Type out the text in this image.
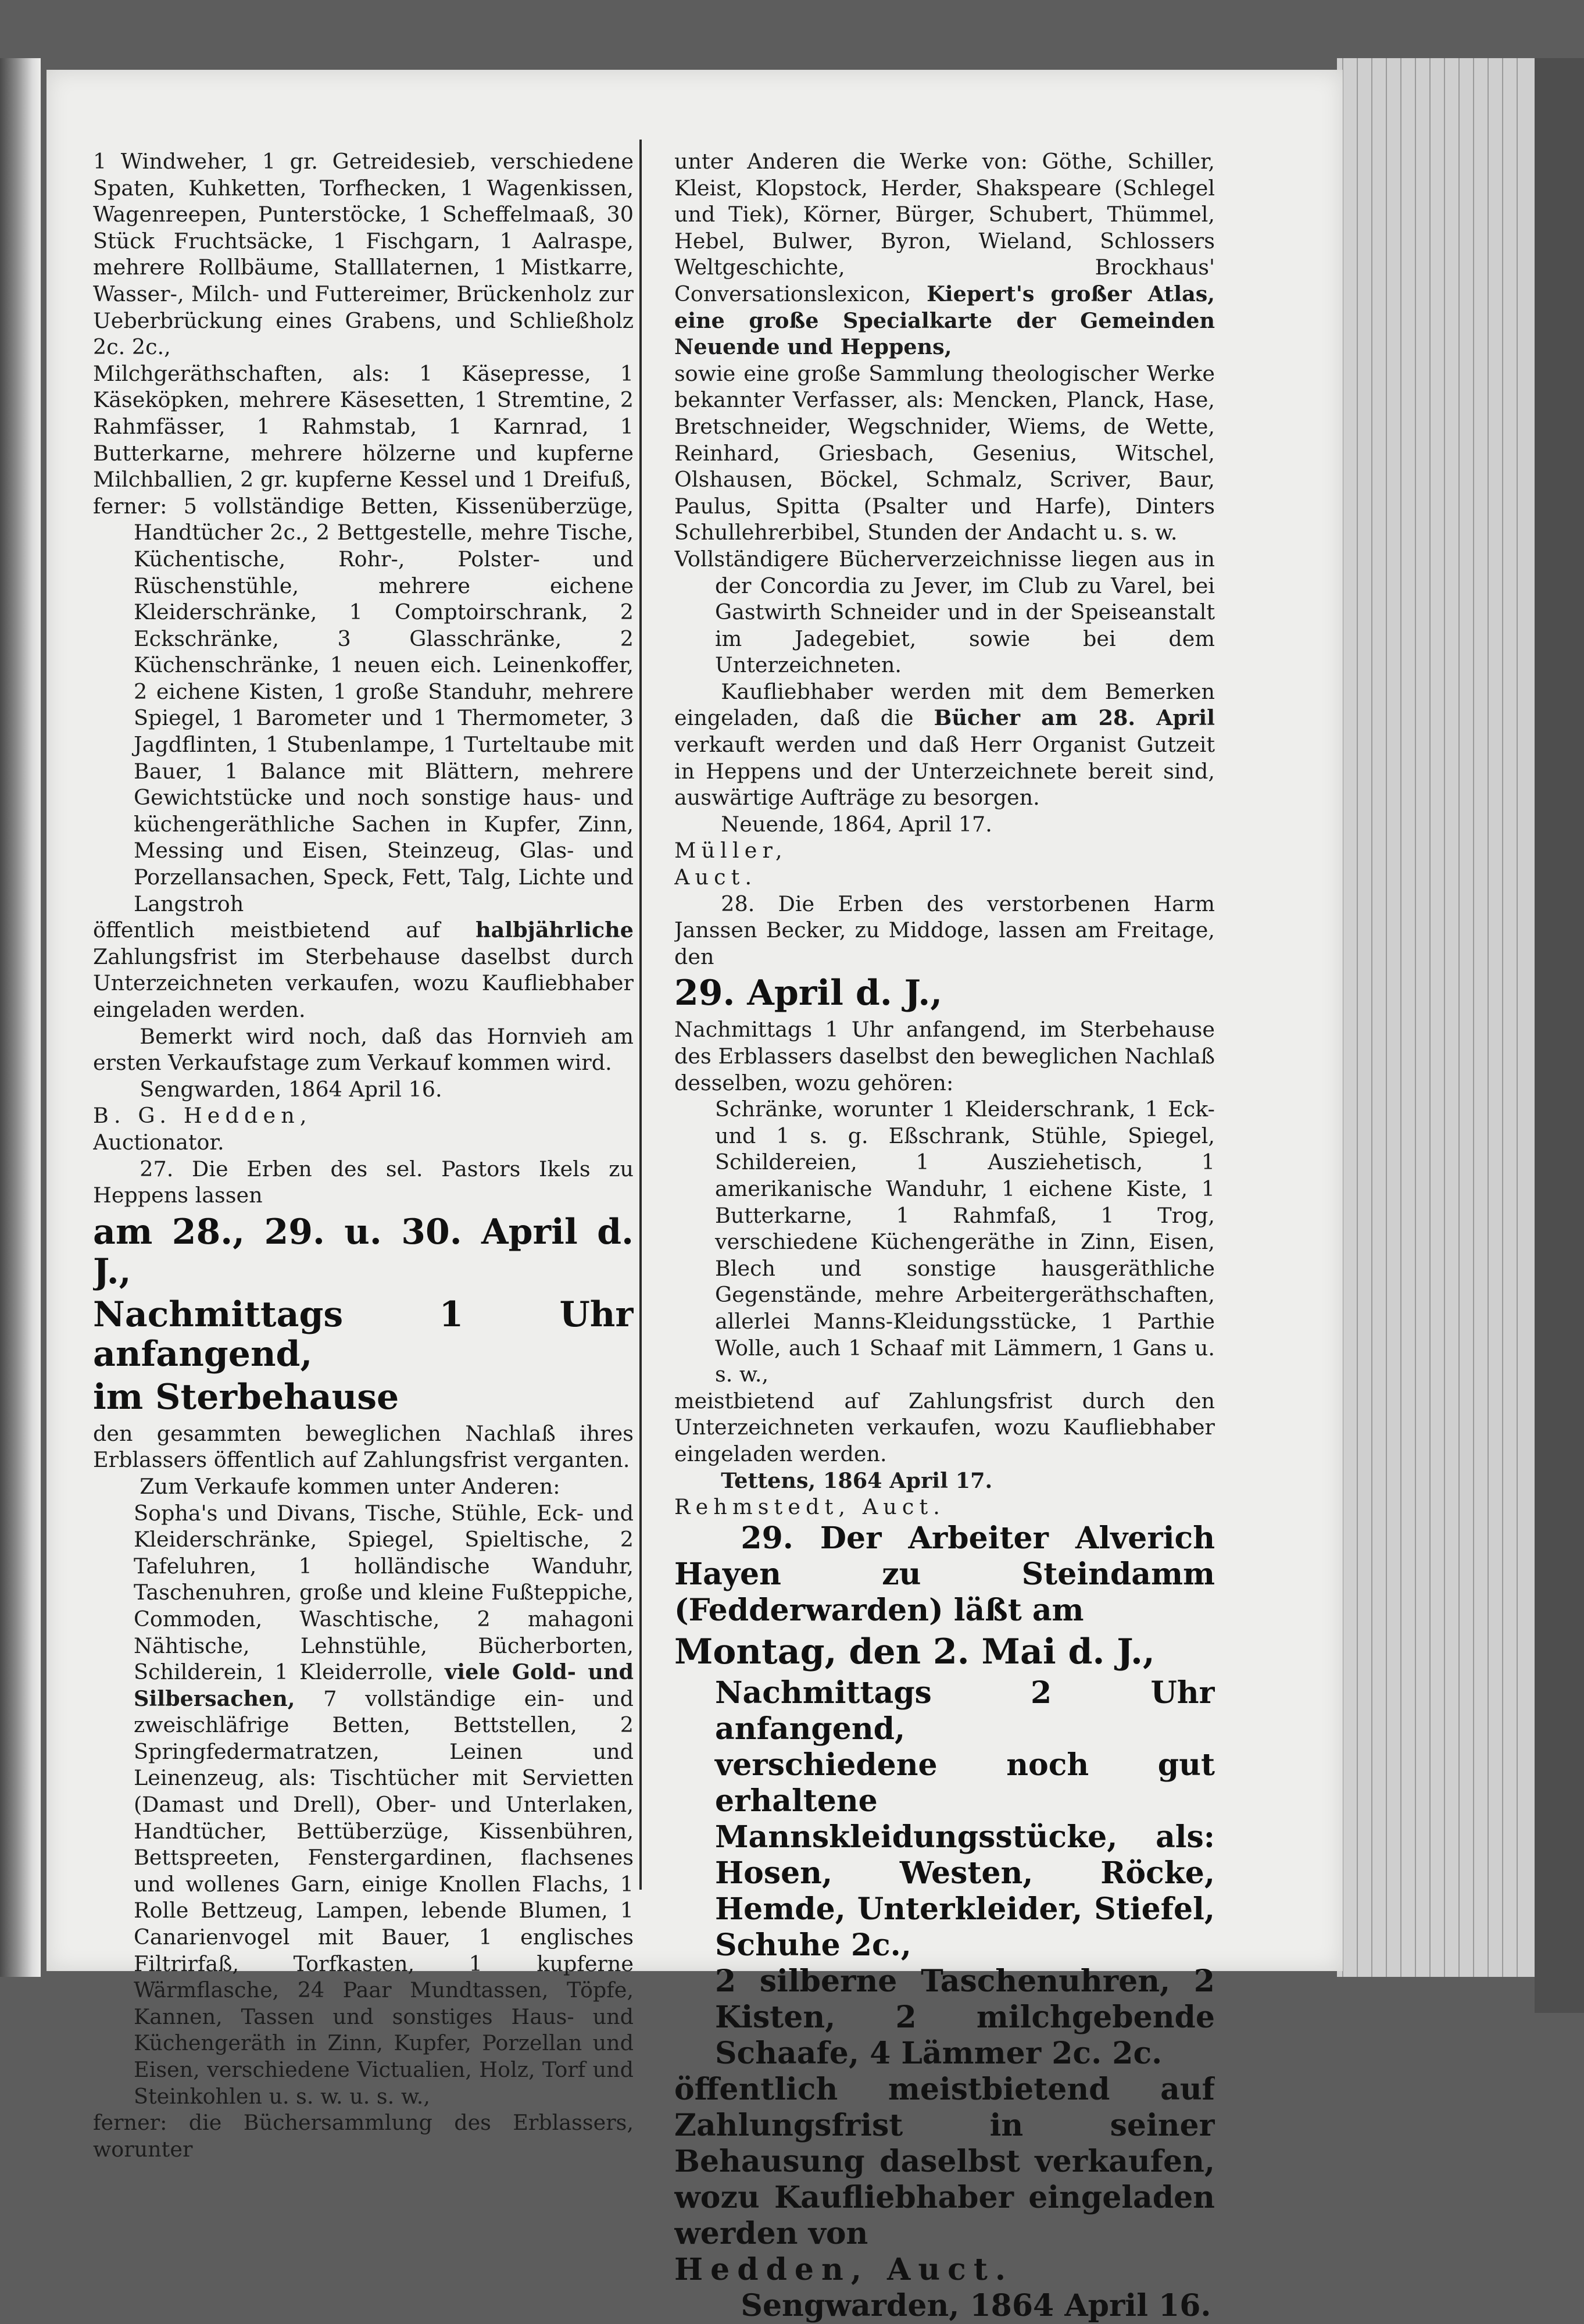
1 Windweher, 1 gr. Getreidesieb, verschiedene Spaten, Kuhketten, Torfhecken, 1 Wagenkissen, Wagenreepen, Punterstöcke, 1 Scheffelmaaß, 30 Stück Fruchtsäcke, 1 Fischgarn, 1 Aalraspe, mehrere Rollbäume, Stalllaternen, 1 Mistkarre, Wasser-, Milch- und Futtereimer, Brückenholz zur Ueberbrückung eines Grabens, und Schließholz 2c. 2c.,

Milchgeräthschaften, als: 1 Käsepresse, 1 Käseköpken, mehrere Käsesetten, 1 Stremtine, 2 Rahmfässer, 1 Rahmstab, 1 Karnrad, 1 Butterkarne, mehrere hölzerne und kupferne Milchballien, 2 gr. kupferne Kessel und 1 Dreifuß,

ferner: 5 vollständige Betten, Kissenüberzüge, Handtücher 2c., 2 Bettgestelle, mehre Tische, Küchentische, Rohr-, Polster- und Rüschenstühle, mehrere eichene Kleiderschränke, 1 Comptoirschrank, 2 Eckschränke, 3 Glasschränke, 2 Küchenschränke, 1 neuen eich. Leinenkoffer, 2 eichene Kisten, 1 große Standuhr, mehrere Spiegel, 1 Barometer und 1 Thermometer, 3 Jagdflinten, 1 Stubenlampe, 1 Turteltaube mit Bauer, 1 Balance mit Blättern, mehrere Gewichtstücke und noch sonstige haus- und küchengeräthliche Sachen in Kupfer, Zinn, Messing und Eisen, Steinzeug, Glas- und Porzellansachen, Speck, Fett, Talg, Lichte und Langstroh

öffentlich meistbietend auf halbjährliche Zahlungsfrist im Sterbehause daselbst durch Unterzeichneten verkaufen, wozu Kaufliebhaber eingeladen werden.

Bemerkt wird noch, daß das Hornvieh am ersten Verkaufstage zum Verkauf kommen wird.

Sengwarden, 1864 April 16.

B. G. Hedden,

Auctionator.

27. Die Erben des sel. Pastors Ikels zu Heppens lassen

am 28., 29. u. 30. April d. J.,

Nachmittags 1 Uhr anfangend,

im Sterbehause

den gesammten beweglichen Nachlaß ihres Erblassers öffentlich auf Zahlungsfrist verganten.

Zum Verkaufe kommen unter Anderen:

Sopha's und Divans, Tische, Stühle, Eck- und Kleiderschränke, Spiegel, Spieltische, 2 Tafeluhren, 1 holländische Wanduhr, Taschenuhren, große und kleine Fußteppiche, Commoden, Waschtische, 2 mahagoni Nähtische, Lehnstühle, Bücherborten, Schilderein, 1 Kleiderrolle, viele Gold- und Silbersachen, 7 vollständige ein- und zweischläfrige Betten, Bettstellen, 2 Springfedermatratzen, Leinen und Leinenzeug, als: Tischtücher mit Servietten (Damast und Drell), Ober- und Unterlaken, Handtücher, Bettüberzüge, Kissenbühren, Bettspreeten, Fenstergardinen, flachsenes und wollenes Garn, einige Knollen Flachs, 1 Rolle Bettzeug, Lampen, lebende Blumen, 1 Canarienvogel mit Bauer, 1 englisches Filtrirfaß, Torfkasten, 1 kupferne Wärmflasche, 24 Paar Mundtassen, Töpfe, Kannen, Tassen und sonstiges Haus- und Küchengeräth in Zinn, Kupfer, Porzellan und Eisen, verschiedene Victualien, Holz, Torf und Steinkohlen u. s. w. u. s. w.,

ferner: die Büchersammlung des Erblassers, worunter

unter Anderen die Werke von: Göthe, Schiller, Kleist, Klopstock, Herder, Shakspeare (Schlegel und Tiek), Körner, Bürger, Schubert, Thümmel, Hebel, Bulwer, Byron, Wieland, Schlossers Weltgeschichte, Brockhaus' Conversationslexicon, Kiepert's großer Atlas, eine große Specialkarte der Gemeinden Neuende und Heppens,

sowie eine große Sammlung theologischer Werke bekannter Verfasser, als: Mencken, Planck, Hase, Bretschneider, Wegschnider, Wiems, de Wette, Reinhard, Griesbach, Gesenius, Witschel, Olshausen, Böckel, Schmalz, Scriver, Baur, Paulus, Spitta (Psalter und Harfe), Dinters Schullehrerbibel, Stunden der Andacht u. s. w.

Vollständigere Bücherverzeichnisse liegen aus in der Concordia zu Jever, im Club zu Varel, bei Gastwirth Schneider und in der Speiseanstalt im Jadegebiet, sowie bei dem Unterzeichneten.

Kaufliebhaber werden mit dem Bemerken eingeladen, daß die Bücher am 28. April verkauft werden und daß Herr Organist Gutzeit in Heppens und der Unterzeichnete bereit sind, auswärtige Aufträge zu besorgen.

Neuende, 1864, April 17.

Müller,

Auct.

28. Die Erben des verstorbenen Harm Janssen Becker, zu Middoge, lassen am Freitage, den

29. April d. J.,

Nachmittags 1 Uhr anfangend, im Sterbehause des Erblassers daselbst den beweglichen Nachlaß desselben, wozu gehören:

Schränke, worunter 1 Kleiderschrank, 1 Eck- und 1 s. g. Eßschrank, Stühle, Spiegel, Schildereien, 1 Ausziehetisch, 1 amerikanische Wanduhr, 1 eichene Kiste, 1 Butterkarne, 1 Rahmfaß, 1 Trog, verschiedene Küchengeräthe in Zinn, Eisen, Blech und sonstige hausgeräthliche Gegenstände, mehre Arbeitergeräthschaften, allerlei Manns-Kleidungsstücke, 1 Parthie Wolle, auch 1 Schaaf mit Lämmern, 1 Gans u. s. w.,

meistbietend auf Zahlungsfrist durch den Unterzeichneten verkaufen, wozu Kaufliebhaber eingeladen werden.

Tettens, 1864 April 17.

Rehmstedt, Auct.

29. Der Arbeiter Alverich Hayen zu Steindamm (Fedderwarden) läßt am

Montag, den 2. Mai d. J.,

Nachmittags 2 Uhr anfangend,

verschiedene noch gut erhaltene Mannskleidungsstücke, als: Hosen, Westen, Röcke, Hemde, Unterkleider, Stiefel, Schuhe 2c.,

2 silberne Taschenuhren, 2 Kisten, 2 milchgebende Schaafe, 4 Lämmer 2c. 2c.

öffentlich meistbietend auf Zahlungsfrist in seiner Behausung daselbst verkaufen, wozu Kaufliebhaber eingeladen werden von

Hedden, Auct.

Sengwarden, 1864 April 16.
